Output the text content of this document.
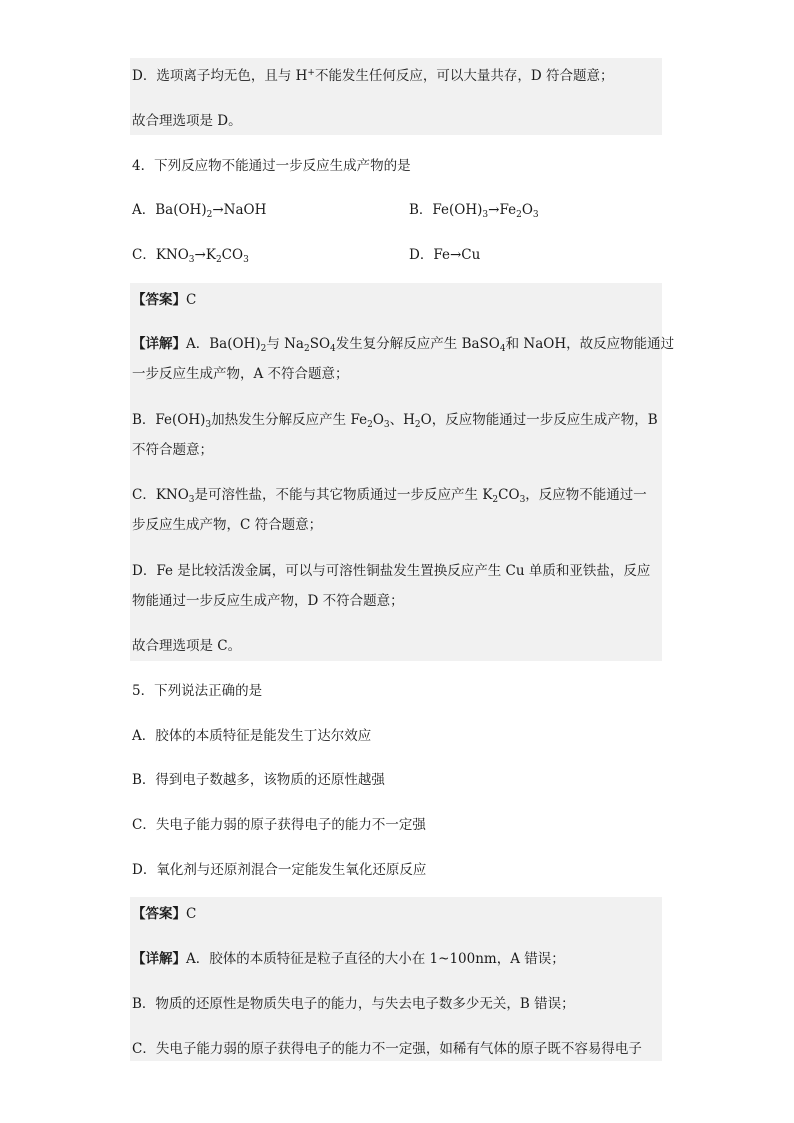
D．选项离子均无色，且与 H+不能发生任何反应，可以大量共存，D 符合题意；
故合理选项是 D。
4．下列反应物不能通过一步反应生成产物的是
A．$Ba(OH)_2\to NaOH$	B．$Fe(OH)_3\to Fe_2O_3$
C．$KNO_3\to K_2CO_3$	D．Fe→Cu
【答案】C
【详解】A．$Ba(OH)_2$与 $Na_2SO_4$发生复分解反应产生 BaSO$_4$和 NaOH，故反应物能通过
一步反应生成产物，A 不符合题意；
B．$Fe(OH)_3$加热发生分解反应产生 $Fe_2O_3$、$H_2O$，反应物能通过一步反应生成产物，B
不符合题意；
C．$KNO_3$是可溶性盐，不能与其它物质通过一步反应产生 $K_2CO_3$，反应物不能通过一
步反应生成产物，C 符合题意；
D．Fe 是比较活泼金属，可以与可溶性铜盐发生置换反应产生 Cu 单质和亚铁盐，反应
物能通过一步反应生成产物，D 不符合题意；
故合理选项是 C。
5．下列说法正确的是
A．胶体的本质特征是能发生丁达尔效应
B．得到电子数越多，该物质的还原性越强
C．失电子能力弱的原子获得电子的能力不一定强
D．氧化剂与还原剂混合一定能发生氧化还原反应
【答案】C
【详解】A．胶体的本质特征是粒子直径的大小在 1~100nm，A 错误；
B．物质的还原性是物质失电子的能力，与失去电子数多少无关，B 错误；
C．失电子能力弱的原子获得电子的能力不一定强，如稀有气体的原子既不容易得电子
